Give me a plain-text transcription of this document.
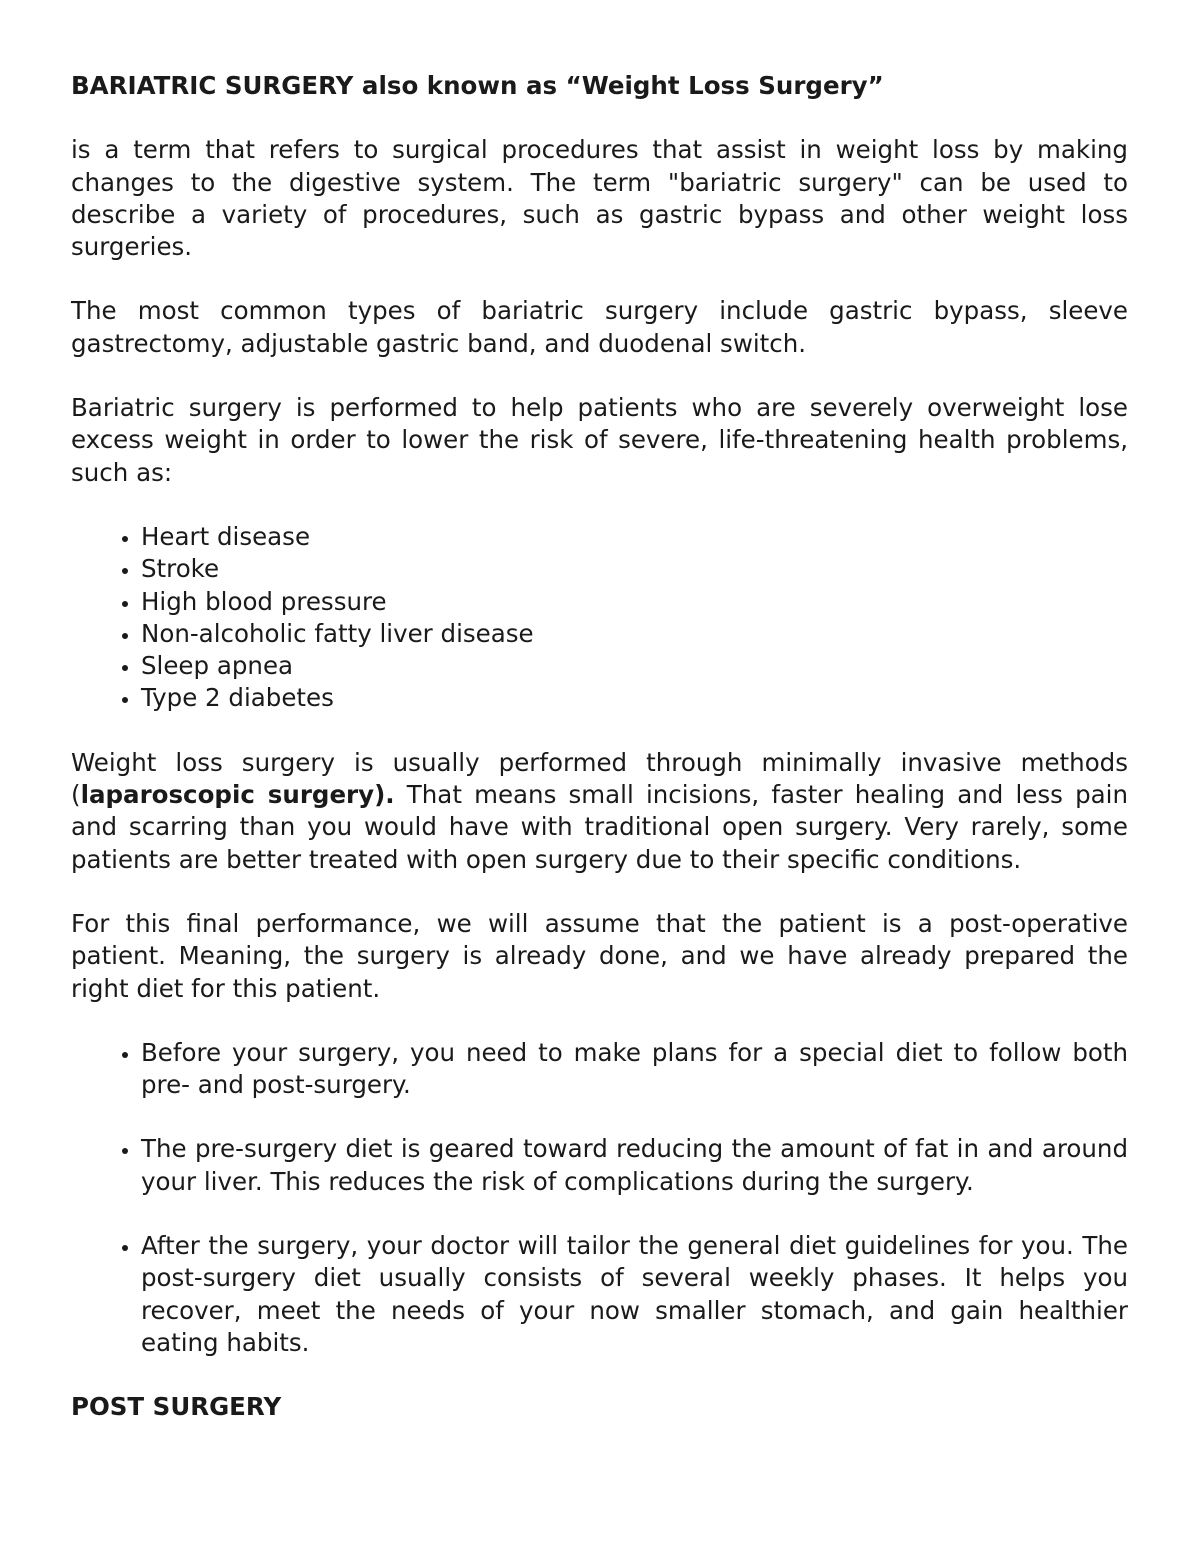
BARIATRIC SURGERY also known as “Weight Loss Surgery”

is a term that refers to surgical procedures that assist in weight loss by making changes to the digestive system. The term "bariatric surgery" can be used to describe a variety of procedures, such as gastric bypass and other weight loss surgeries.

The most common types of bariatric surgery include gastric bypass, sleeve gastrectomy, adjustable gastric band, and duodenal switch.

Bariatric surgery is performed to help patients who are severely overweight lose excess weight in order to lower the risk of severe, life-threatening health problems, such as:

• Heart disease
• Stroke
• High blood pressure
• Non-alcoholic fatty liver disease
• Sleep apnea
• Type 2 diabetes

Weight loss surgery is usually performed through minimally invasive methods (laparoscopic surgery). That means small incisions, faster healing and less pain and scarring than you would have with traditional open surgery. Very rarely, some patients are better treated with open surgery due to their specific conditions.

For this final performance, we will assume that the patient is a post-operative patient. Meaning, the surgery is already done, and we have already prepared the right diet for this patient.

• Before your surgery, you need to make plans for a special diet to follow both pre- and post-surgery.
• The pre-surgery diet is geared toward reducing the amount of fat in and around your liver. This reduces the risk of complications during the surgery.
• After the surgery, your doctor will tailor the general diet guidelines for you. The post-surgery diet usually consists of several weekly phases. It helps you recover, meet the needs of your now smaller stomach, and gain healthier eating habits.
POST SURGERY
